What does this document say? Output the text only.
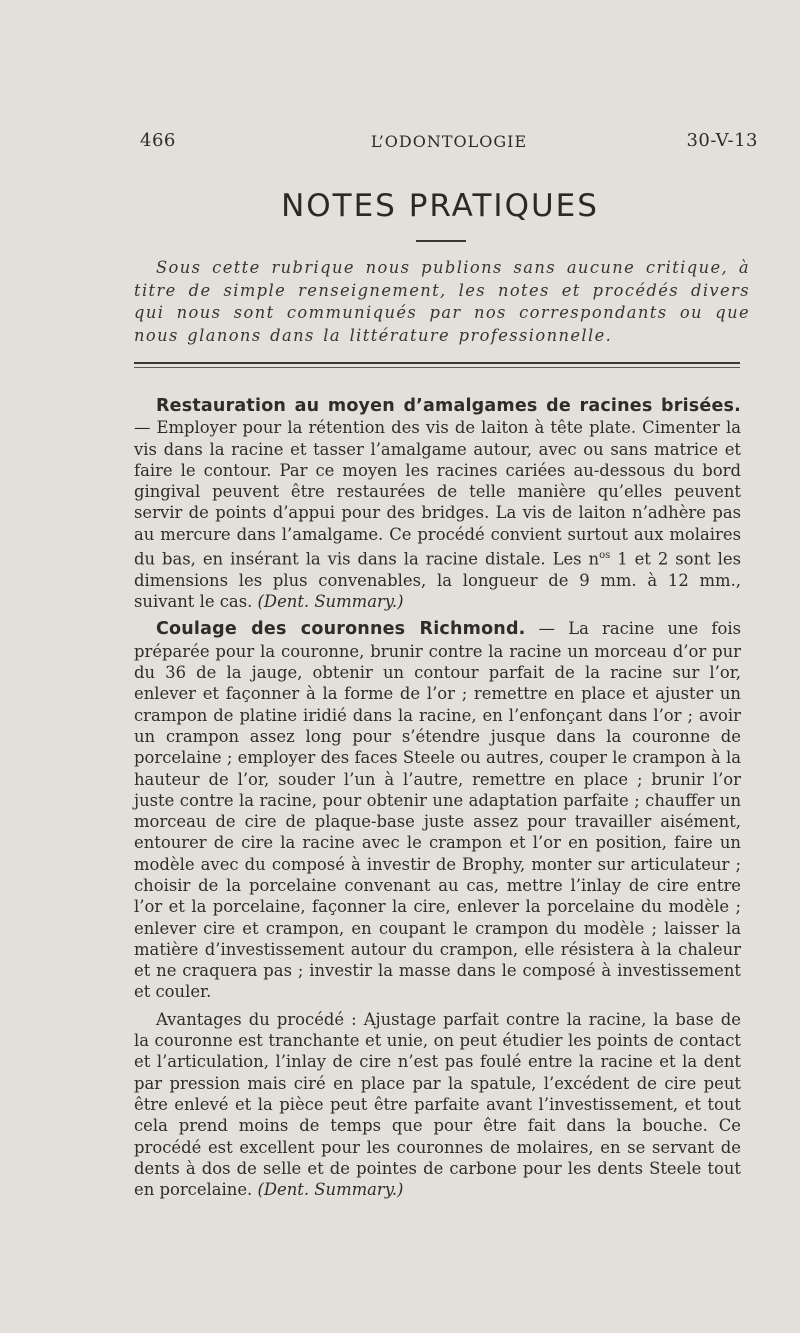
466	L’ODONTOLOGIE	30-V-13
NOTES PRATIQUES
Sous cette rubrique nous publions sans aucune critique, à titre de simple renseignement, les notes et procédés divers qui nous sont communiqués par nos correspondants ou que nous glanons dans la littérature professionnelle.

Restauration au moyen d’amalgames de racines brisées. — Employer pour la rétention des vis de laiton à tête plate. Cimenter la vis dans la racine et tasser l’amalgame autour, avec ou sans matrice et faire le contour. Par ce moyen les racines cariées au-dessous du bord gingival peuvent être restaurées de telle manière qu’elles peuvent servir de points d’appui pour des bridges. La vis de laiton n’adhère pas au mercure dans l’amalgame. Ce procédé convient surtout aux molaires du bas, en insérant la vis dans la racine distale. Les $n^{os}$ 1 et 2 sont les dimensions les plus convenables, la longueur de 9 mm. à 12 mm., suivant le cas. (Dent. Summary.)

Coulage des couronnes Richmond. — La racine une fois préparée pour la couronne, brunir contre la racine un morceau d’or pur du 36 de la jauge, obtenir un contour parfait de la racine sur l’or, enlever et façonner à la forme de l’or ; remettre en place et ajuster un crampon de platine iridié dans la racine, en l’enfonçant dans l’or ; avoir un crampon assez long pour s’étendre jusque dans la couronne de porcelaine ; employer des faces Steele ou autres, couper le crampon à la hauteur de l’or, souder l’un à l’autre, remettre en place ; brunir l’or juste contre la racine, pour obtenir une adaptation parfaite ; chauffer un morceau de cire de plaque-base juste assez pour travailler aisément, entourer de cire la racine avec le crampon et l’or en position, faire un modèle avec du composé à investir de Brophy, monter sur articulateur ; choisir de la porcelaine convenant au cas, mettre l’inlay de cire entre l’or et la porcelaine, façonner la cire, enlever la porcelaine du modèle ; enlever cire et crampon, en coupant le crampon du modèle ; laisser la matière d’investissement autour du crampon, elle résistera à la chaleur et ne craquera pas ; investir la masse dans le composé à investissement et couler.

Avantages du procédé : Ajustage parfait contre la racine, la base de la couronne est tranchante et unie, on peut étudier les points de contact et l’articulation, l’inlay de cire n’est pas foulé entre la racine et la dent par pression mais ciré en place par la spatule, l’excédent de cire peut être enlevé et la pièce peut être parfaite avant l’investissement, et tout cela prend moins de temps que pour être fait dans la bouche. Ce procédé est excellent pour les couronnes de molaires, en se servant de dents à dos de selle et de pointes de carbone pour les dents Steele tout en porcelaine. (Dent. Summary.)
